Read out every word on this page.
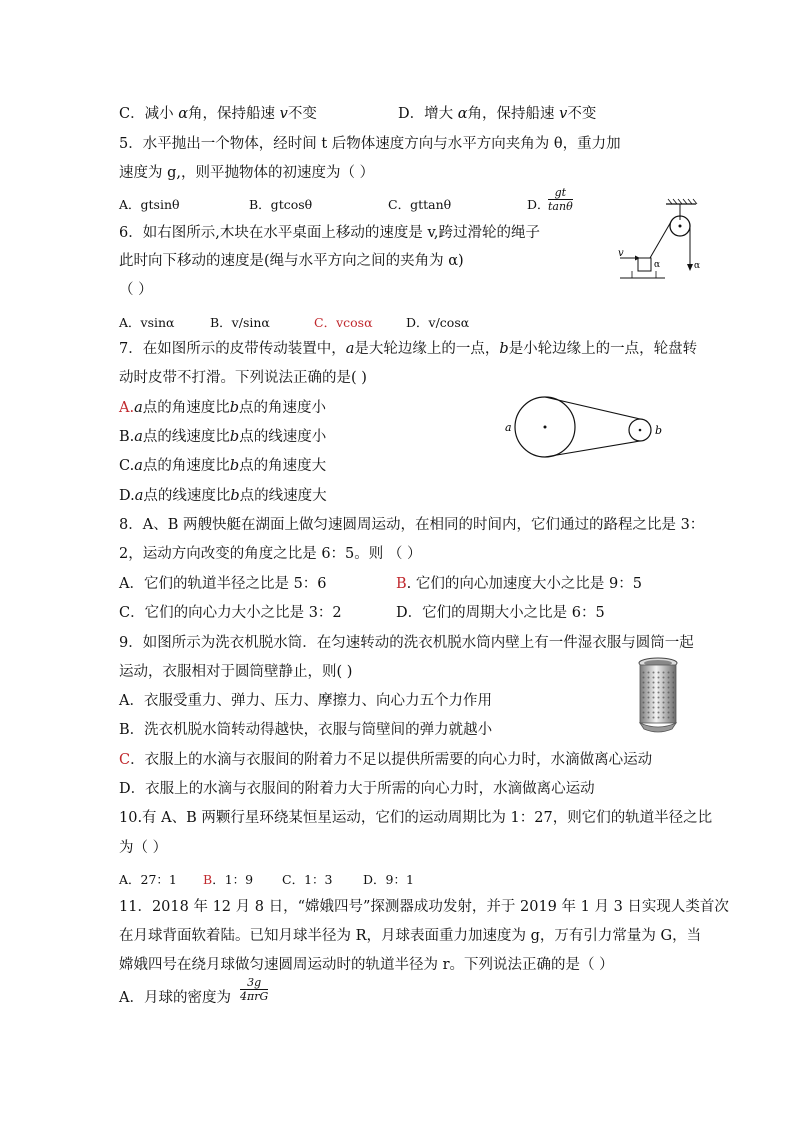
C．减小 α角，保持船速 v不变	D．增大 α角，保持船速 v不变
5．水平抛出一个物体，经时间 t 后物体速度方向与水平方向夹角为 θ，重力加
速度为 g,，则平抛物体的初速度为（ ）
A．gtsinθ	B．gtcosθ	C．gttanθ	D．
$\frac{gt}{\tan\theta}$
6．如右图所示,木块在水平桌面上移动的速度是 v,跨过滑轮的绳子
此时向下移动的速度是(绳与水平方向之间的夹角为 α)
（ ）
A．vsinα	B．v/sinα	C．vcosα	D．v/cosα
v
α	α
7．在如图所示的皮带传动装置中，a是大轮边缘上的一点，b是小轮边缘上的一点，轮盘转
动时皮带不打滑。下列说法正确的是( )
A.a点的角速度比b点的角速度小
B.a点的线速度比b点的线速度小
C.a点的角速度比b点的角速度大
D.a点的线速度比b点的线速度大
a	b
8．A、B 两艘快艇在湖面上做匀速圆周运动，在相同的时间内，它们通过的路程之比是 3：
2，运动方向改变的角度之比是 6：5。则 （ ）
A．它们的轨道半径之比是 5：6	B. 它们的向心加速度大小之比是 9：5
C．它们的向心力大小之比是 3：2	D．它们的周期大小之比是 6：5
9．如图所示为洗衣机脱水筒．在匀速转动的洗衣机脱水筒内壁上有一件湿衣服与圆筒一起
运动，衣服相对于圆筒壁静止，则( )
A．衣服受重力、弹力、压力、摩擦力、向心力五个力作用
B．洗衣机脱水筒转动得越快，衣服与筒壁间的弹力就越小
C．衣服上的水滴与衣服间的附着力不足以提供所需要的向心力时，水滴做离心运动
D．衣服上的水滴与衣服间的附着力大于所需的向心力时，水滴做离心运动
10.有 A、B 两颗行星环绕某恒星运动，它们的运动周期比为 1：27，则它们的轨道半径之比
为（ ）
A．27：1 B．1：9 C．1：3 D．9：1
11．2018 年 12 月 8 日，“嫦娥四号”探测器成功发射，并于 2019 年 1 月 3 日实现人类首次
在月球背面软着陆。已知月球半径为 R，月球表面重力加速度为 g，万有引力常量为 G，当
嫦娥四号在绕月球做匀速圆周运动时的轨道半径为 r。下列说法正确的是（ ）
A．月球的密度为
3g
4πrG
